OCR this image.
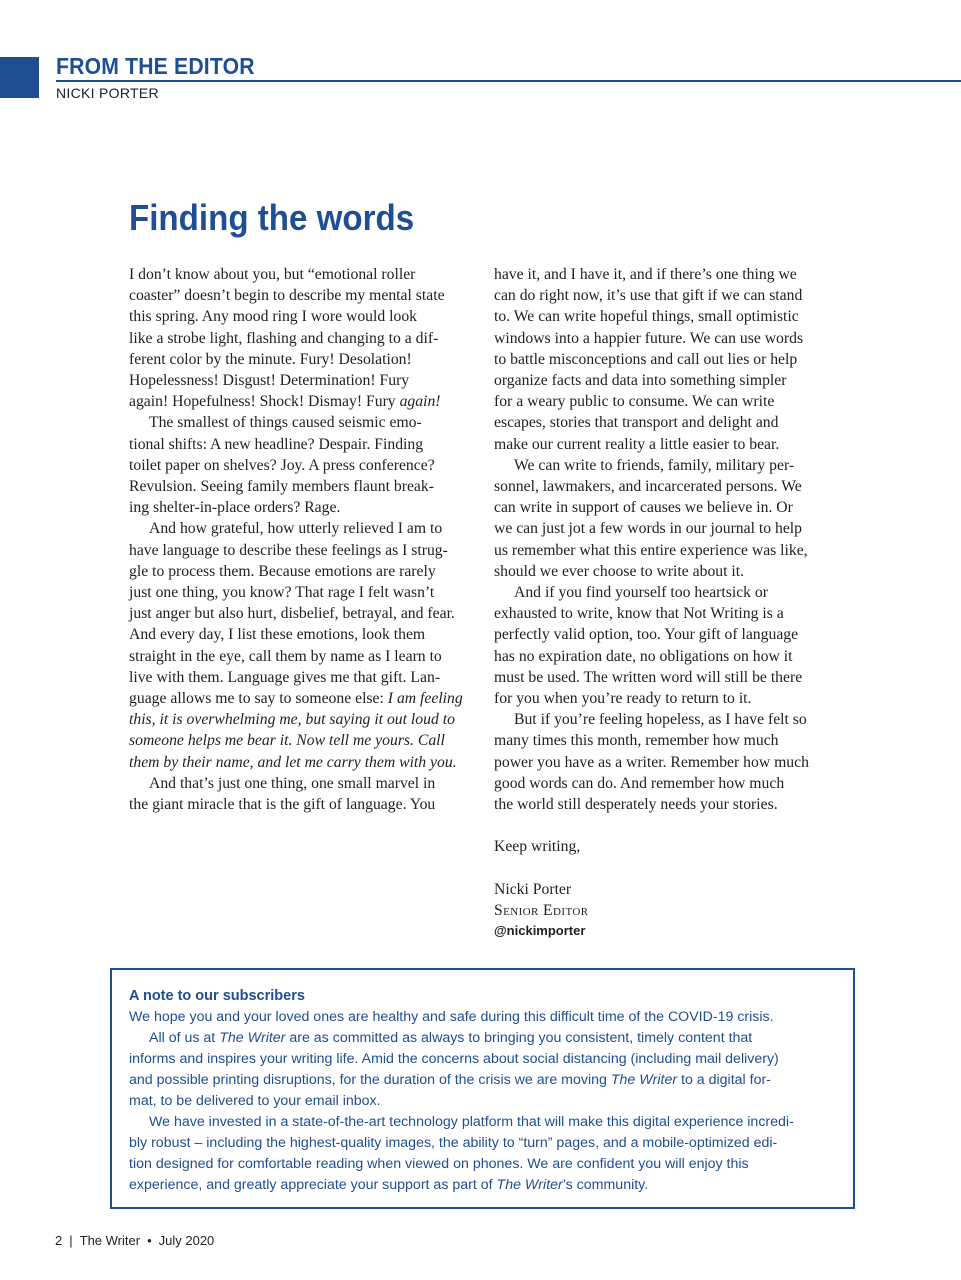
FROM THE EDITOR
NICKI PORTER
Finding the words
I don’t know about you, but “emotional roller
coaster” doesn’t begin to describe my mental state
this spring. Any mood ring I wore would look
like a strobe light, flashing and changing to a dif-
ferent color by the minute. Fury! Desolation!
Hopelessness! Disgust! Determination! Fury
again! Hopefulness! Shock! Dismay! Fury again!
The smallest of things caused seismic emo-
tional shifts: A new headline? Despair. Finding
toilet paper on shelves? Joy. A press conference?
Revulsion. Seeing family members flaunt break-
ing shelter-in-place orders? Rage.
And how grateful, how utterly relieved I am to
have language to describe these feelings as I strug-
gle to process them. Because emotions are rarely
just one thing, you know? That rage I felt wasn’t
just anger but also hurt, disbelief, betrayal, and fear.
And every day, I list these emotions, look them
straight in the eye, call them by name as I learn to
live with them. Language gives me that gift. Lan-
guage allows me to say to someone else: I am feeling
this, it is overwhelming me, but saying it out loud to
someone helps me bear it. Now tell me yours. Call
them by their name, and let me carry them with you.
And that’s just one thing, one small marvel in
the giant miracle that is the gift of language. You
have it, and I have it, and if there’s one thing we
can do right now, it’s use that gift if we can stand
to. We can write hopeful things, small optimistic
windows into a happier future. We can use words
to battle misconceptions and call out lies or help
organize facts and data into something simpler
for a weary public to consume. We can write
escapes, stories that transport and delight and
make our current reality a little easier to bear.
We can write to friends, family, military per-
sonnel, lawmakers, and incarcerated persons. We
can write in support of causes we believe in. Or
we can just jot a few words in our journal to help
us remember what this entire experience was like,
should we ever choose to write about it.
And if you find yourself too heartsick or
exhausted to write, know that Not Writing is a
perfectly valid option, too. Your gift of language
has no expiration date, no obligations on how it
must be used. The written word will still be there
for you when you’re ready to return to it.
But if you’re feeling hopeless, as I have felt so
many times this month, remember how much
power you have as a writer. Remember how much
good words can do. And remember how much
the world still desperately needs your stories.
Keep writing,
Nicki Porter
Senior Editor
@nickimporter
A note to our subscribers
We hope you and your loved ones are healthy and safe during this difficult time of the COVID-19 crisis.
All of us at The Writer are as committed as always to bringing you consistent, timely content that
informs and inspires your writing life. Amid the concerns about social distancing (including mail delivery)
and possible printing disruptions, for the duration of the crisis we are moving The Writer to a digital for-
mat, to be delivered to your email inbox.
We have invested in a state-of-the-art technology platform that will make this digital experience incredi-
bly robust – including the highest-quality images, the ability to “turn” pages, and a mobile-optimized edi-
tion designed for comfortable reading when viewed on phones. We are confident you will enjoy this
experience, and greatly appreciate your support as part of The Writer’s community.
2 | The Writer • July 2020
